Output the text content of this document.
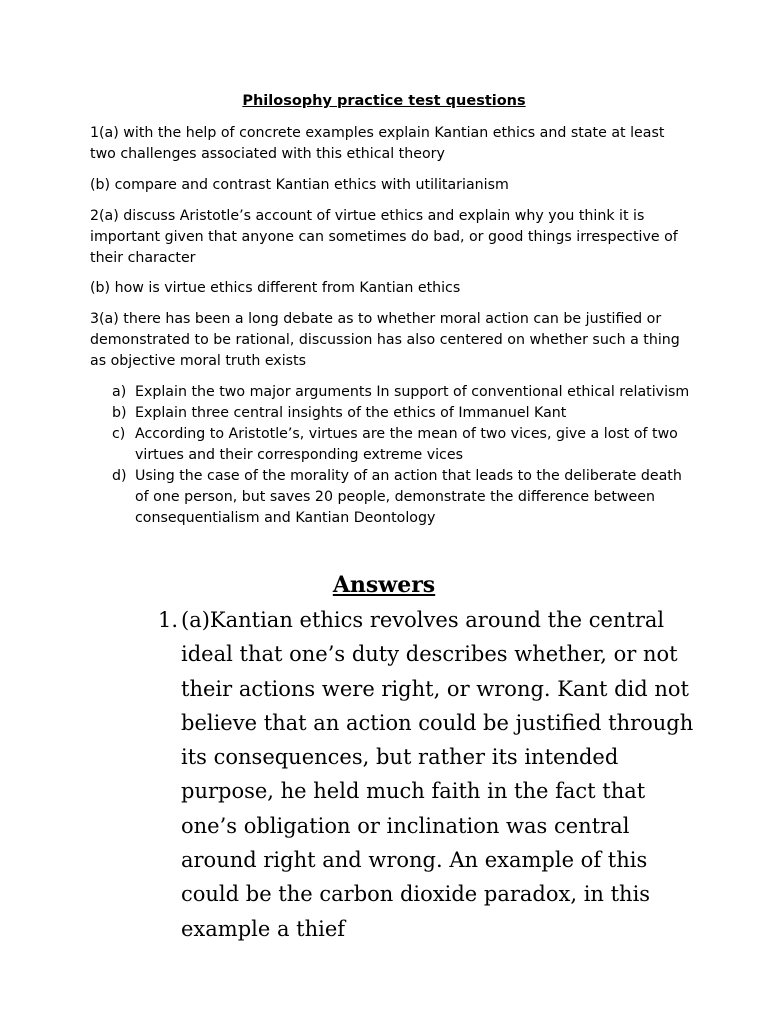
Philosophy practice test questions

1(a) with the help of concrete examples explain Kantian ethics and state at least two challenges associated with this ethical theory

(b) compare and contrast Kantian ethics with utilitarianism

2(a) discuss Aristotle’s account of virtue ethics and explain why you think it is important given that anyone can sometimes do bad, or good things irrespective of their character

(b) how is virtue ethics different from Kantian ethics

3(a) there has been a long debate as to whether moral action can be justified or demonstrated to be rational, discussion has also centered on whether such a thing as objective moral truth exists

a) Explain the two major arguments In support of conventional ethical relativism
b) Explain three central insights of the ethics of Immanuel Kant
c) According to Aristotle’s, virtues are the mean of two vices, give a lost of two virtues and their corresponding extreme vices
d) Using the case of the morality of an action that leads to the deliberate death of one person, but saves 20 people, demonstrate the difference between consequentialism and Kantian Deontology
Answers
1. (a)Kantian ethics revolves around the central ideal that one’s duty describes whether, or not their actions were right, or wrong. Kant did not believe that an action could be justified through its consequences, but rather its intended purpose, he held much faith in the fact that one’s obligation or inclination was central around right and wrong. An example of this could be the carbon dioxide paradox, in this example a thief
